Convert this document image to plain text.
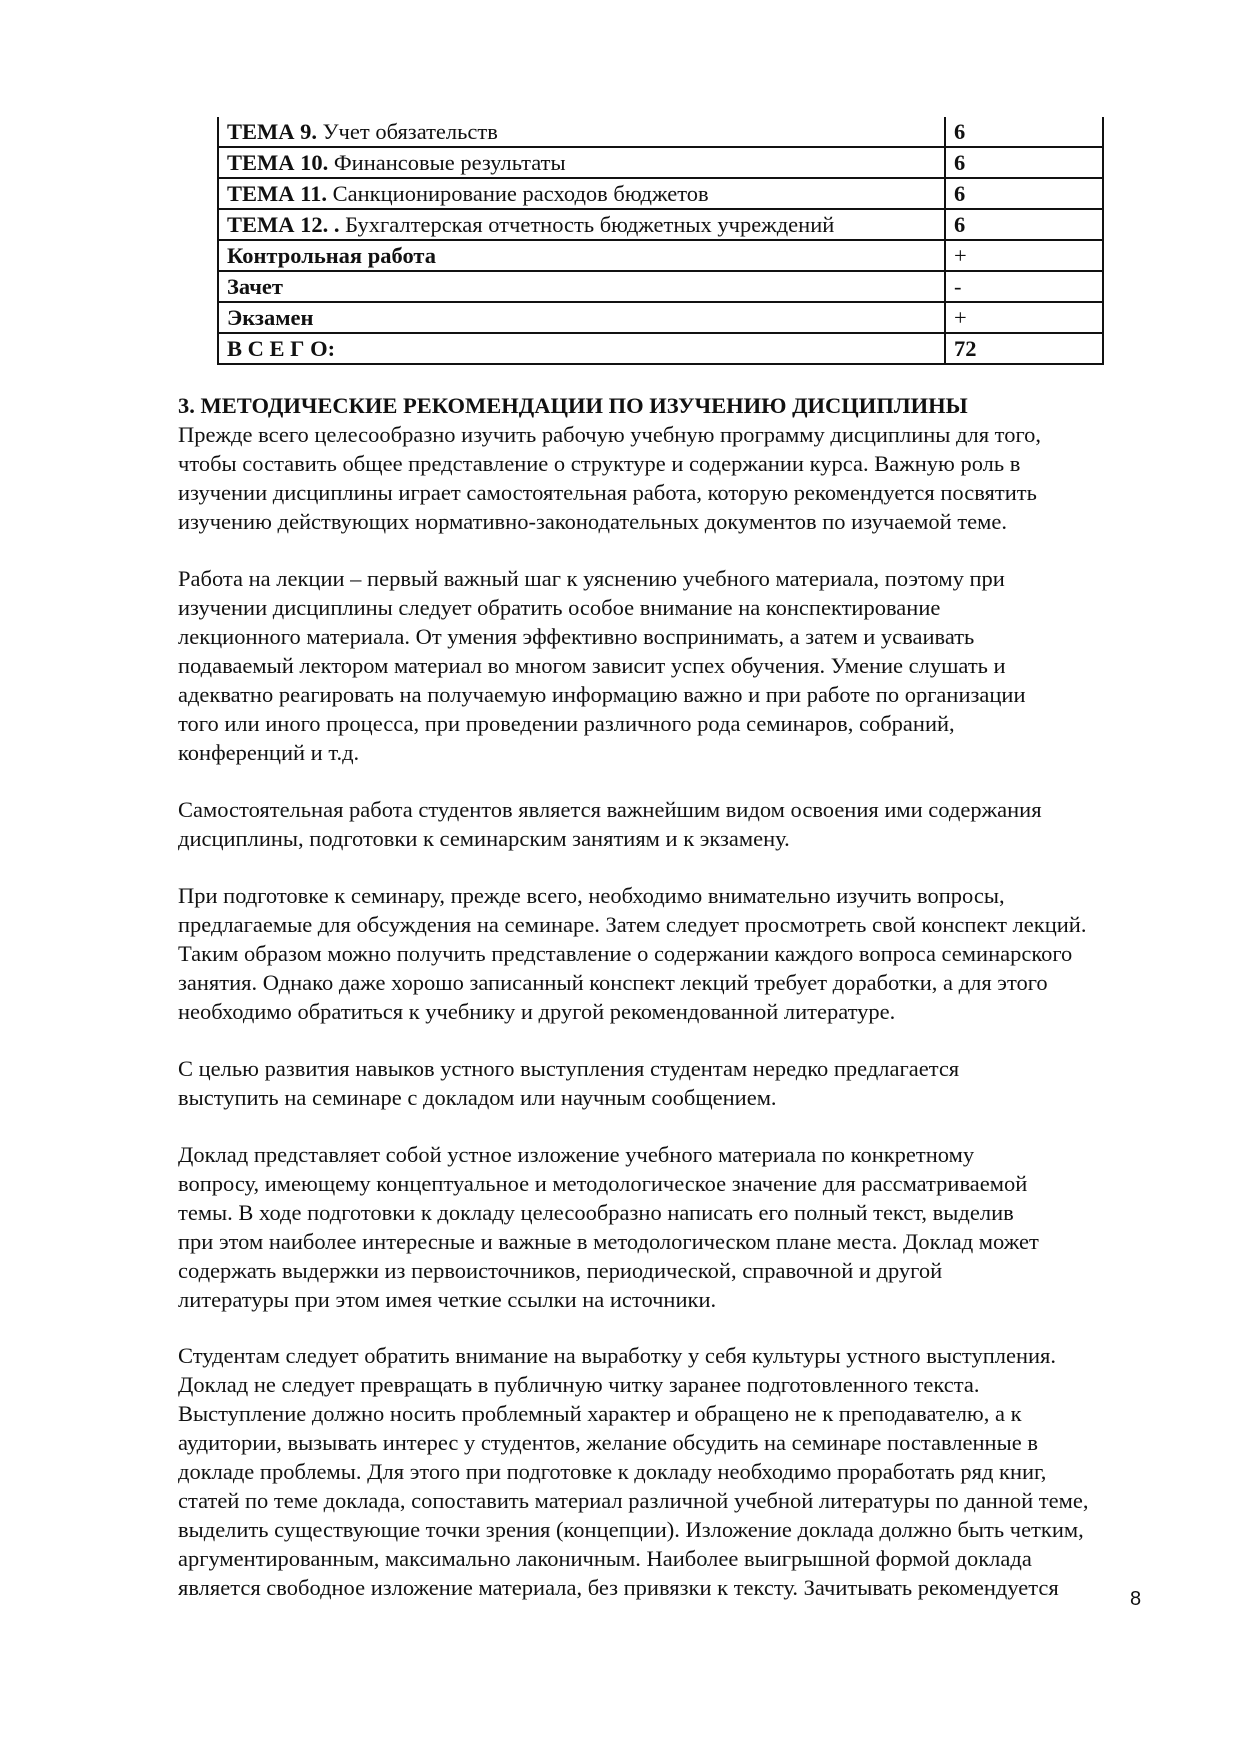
ТЕМА 9. Учет обязательств	6
ТЕМА 10. Финансовые результаты	6
ТЕМА 11. Санкционирование расходов бюджетов	6
ТЕМА 12. . Бухгалтерская отчетность бюджетных учреждений	6
Контрольная работа	+
Зачет	-
Экзамен	+
В С Е Г О:	72
3. МЕТОДИЧЕСКИЕ РЕКОМЕНДАЦИИ ПО ИЗУЧЕНИЮ ДИСЦИПЛИНЫ
Прежде всего целесообразно изучить рабочую учебную программу дисциплины для того,
чтобы составить общее представление о структуре и содержании курса. Важную роль в
изучении дисциплины играет самостоятельная работа, которую рекомендуется посвятить
изучению действующих нормативно-законодательных документов по изучаемой теме.
Работа на лекции – первый важный шаг к уяснению учебного материала, поэтому при
изучении дисциплины следует обратить особое внимание на конспектирование
лекционного материала. От умения эффективно воспринимать, а затем и усваивать
подаваемый лектором материал во многом зависит успех обучения. Умение слушать и
адекватно реагировать на получаемую информацию важно и при работе по организации
того или иного процесса, при проведении различного рода семинаров, собраний,
конференций и т.д.
Самостоятельная работа студентов является важнейшим видом освоения ими содержания
дисциплины, подготовки к семинарским занятиям и к экзамену.
При подготовке к семинару, прежде всего, необходимо внимательно изучить вопросы,
предлагаемые для обсуждения на семинаре. Затем следует просмотреть свой конспект лекций.
Таким образом можно получить представление о содержании каждого вопроса семинарского
занятия. Однако даже хорошо записанный конспект лекций требует доработки, а для этого
необходимо обратиться к учебнику и другой рекомендованной литературе.
С целью развития навыков устного выступления студентам нередко предлагается
выступить на семинаре с докладом или научным сообщением.
Доклад представляет собой устное изложение учебного материала по конкретному
вопросу, имеющему концептуальное и методологическое значение для рассматриваемой
темы. В ходе подготовки к докладу целесообразно написать его полный текст, выделив
при этом наиболее интересные и важные в методологическом плане места. Доклад может
содержать выдержки из первоисточников, периодической, справочной и другой
литературы при этом имея четкие ссылки на источники.
Студентам следует обратить внимание на выработку у себя культуры устного выступления.
Доклад не следует превращать в публичную читку заранее подготовленного текста.
Выступление должно носить проблемный характер и обращено не к преподавателю, а к
аудитории, вызывать интерес у студентов, желание обсудить на семинаре поставленные в
докладе проблемы. Для этого при подготовке к докладу необходимо проработать ряд книг,
статей по теме доклада, сопоставить материал различной учебной литературы по данной теме,
выделить существующие точки зрения (концепции). Изложение доклада должно быть четким,
аргументированным, максимально лаконичным. Наиболее выигрышной формой доклада
является свободное изложение материала, без привязки к тексту. Зачитывать рекомендуется	8
